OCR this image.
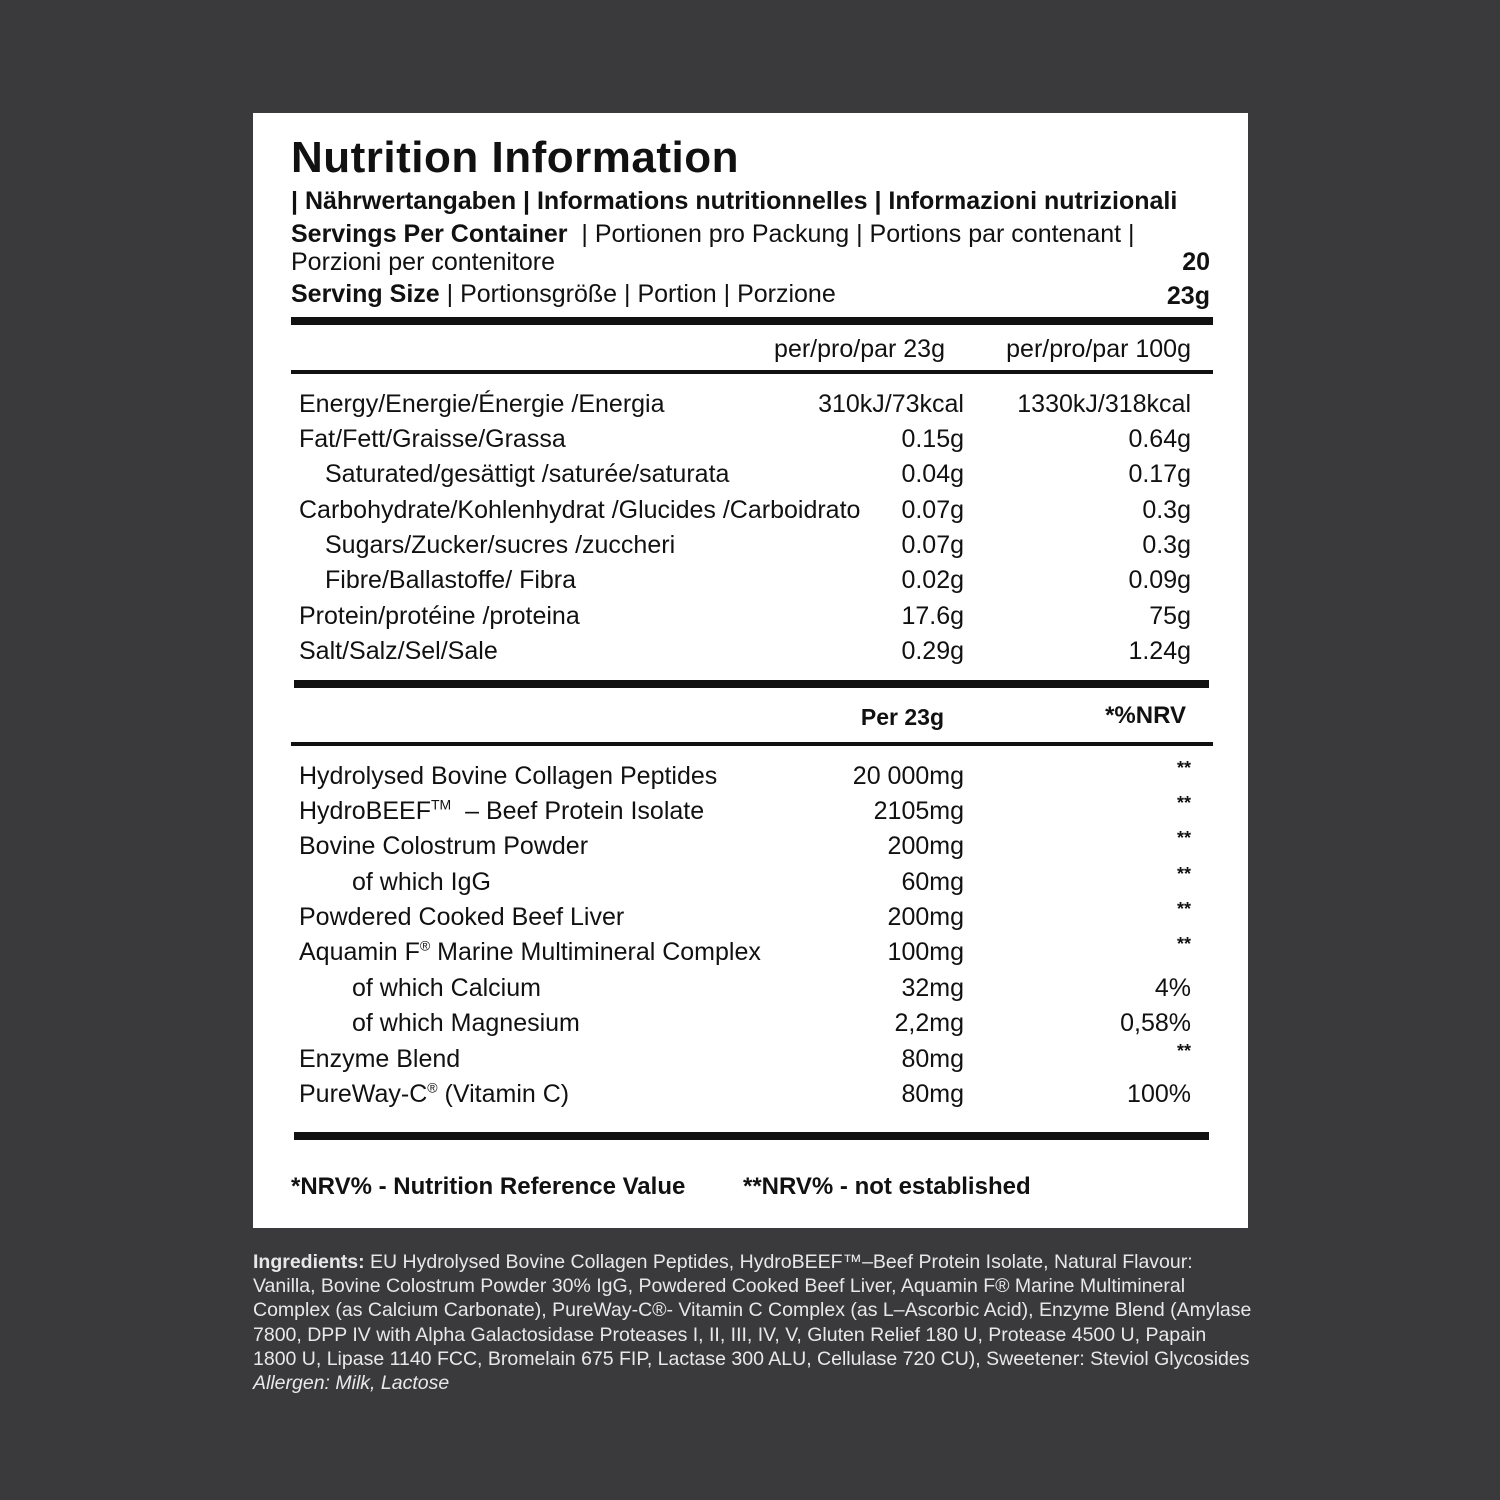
Nutrition Information
| Nährwertangaben | Informations nutritionnelles | Informazioni nutrizionali
Servings Per Container | Portionen pro Packung | Portions par contenant |
Porzioni per contenitore	20
Serving Size | Portionsgröße | Portion | Porzione	23g
per/pro/par 23g per/pro/par 100g
Energy/Energie/Énergie /Energia	310kJ/73kcal 1330kJ/318kcal
Fat/Fett/Graisse/Grassa	0.15g	0.64g
Saturated/gesättigt /saturée/saturata	0.04g	0.17g
Carbohydrate/Kohlenhydrat /Glucides /Carboidrato 0.07g	0.3g
Sugars/Zucker/sucres /zuccheri	0.07g	0.3g
Fibre/Ballastoffe/ Fibra	0.02g	0.09g
Protein/protéine /proteina	17.6g	75g
Salt/Salz/Sel/Sale	0.29g	1.24g
Per 23g	*%NRV
Hydrolysed Bovine Collagen Peptides	20 000mg	**
HydroBEEF™  – Beef Protein Isolate	2105mg	**
Bovine Colostrum Powder	200mg	**
of which IgG	60mg	**
Powdered Cooked Beef Liver	200mg	**
Aquamin F® Marine Multimineral Complex	100mg	**
of which Calcium	32mg	4%
of which Magnesium	2,2mg	0,58%
Enzyme Blend	80mg	**
PureWay-C® (Vitamin C)	80mg	100%
*NRV% - Nutrition Reference Value **NRV% - not established
Ingredients: EU Hydrolysed Bovine Collagen Peptides, HydroBEEF™–Beef Protein Isolate, Natural Flavour: Vanilla, Bovine Colostrum Powder 30% IgG, Powdered Cooked Beef Liver, Aquamin F® Marine Multimineral Complex (as Calcium Carbonate), PureWay-C®- Vitamin C Complex (as L–Ascorbic Acid), Enzyme Blend (Amylase 7800, DPP IV with Alpha Galactosidase Proteases I, II, III, IV, V, Gluten Relief 180 U, Protease 4500 U, Papain 1800 U, Lipase 1140 FCC, Bromelain 675 FIP, Lactase 300 ALU, Cellulase 720 CU), Sweetener: Steviol Glycosides
Allergen: Milk, Lactose
